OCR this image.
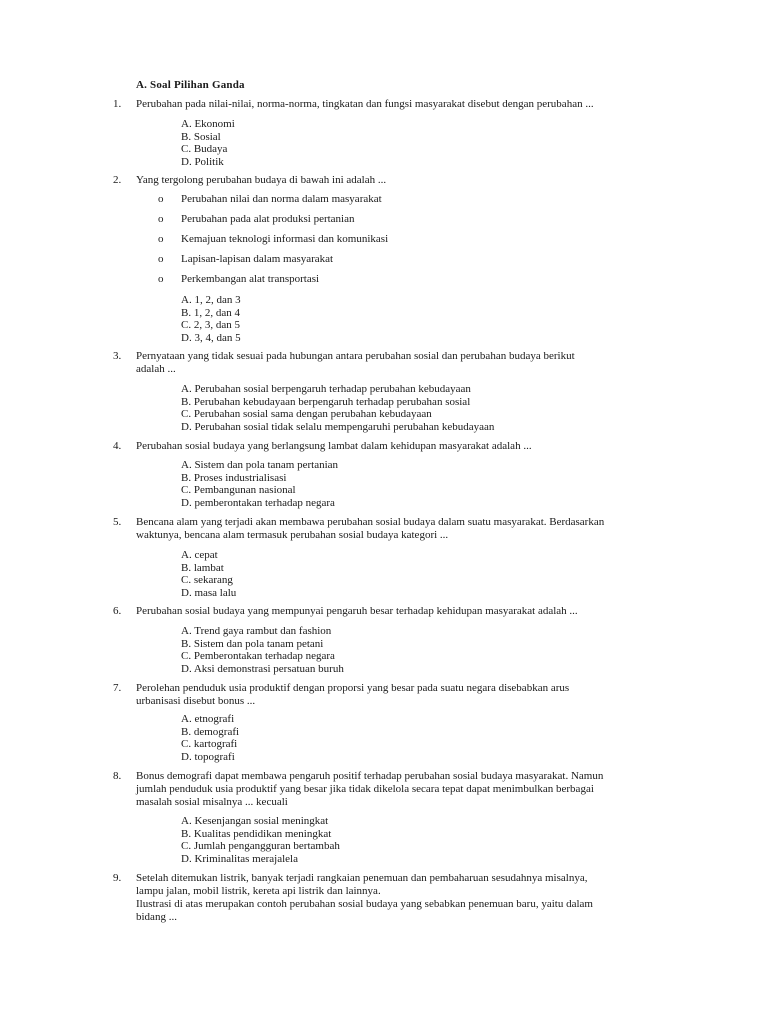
A. Soal Pilihan Ganda
1.	Perubahan pada nilai-nilai, norma-norma, tingkatan dan fungsi masyarakat disebut dengan perubahan ...
A. Ekonomi
B. Sosial
C. Budaya
D. Politik
2.	Yang tergolong perubahan budaya di bawah ini adalah ...
o Perubahan nilai dan norma dalam masyarakat
o Perubahan pada alat produksi pertanian
o Kemajuan teknologi informasi dan komunikasi
o Lapisan-lapisan dalam masyarakat
o Perkembangan alat transportasi
A. 1, 2, dan 3
B. 1, 2, dan 4
C. 2, 3, dan 5
D. 3, 4, dan 5
3.	Pernyataan yang tidak sesuai pada hubungan antara perubahan sosial dan perubahan budaya berikut
adalah ...
A. Perubahan sosial berpengaruh terhadap perubahan kebudayaan
B. Perubahan kebudayaan berpengaruh terhadap perubahan sosial
C. Perubahan sosial sama dengan perubahan kebudayaan
D. Perubahan sosial tidak selalu mempengaruhi perubahan kebudayaan
4.	Perubahan sosial budaya yang berlangsung lambat dalam kehidupan masyarakat adalah ...
A. Sistem dan pola tanam pertanian
B. Proses industrialisasi
C. Pembangunan nasional
D. pemberontakan terhadap negara
5.	Bencana alam yang terjadi akan membawa perubahan sosial budaya dalam suatu masyarakat. Berdasarkan
waktunya, bencana alam termasuk perubahan sosial budaya kategori ...
A. cepat
B. lambat
C. sekarang
D. masa lalu
6.	Perubahan sosial budaya yang mempunyai pengaruh besar terhadap kehidupan masyarakat adalah ...
A. Trend gaya rambut dan fashion
B. Sistem dan pola tanam petani
C. Pemberontakan terhadap negara
D. Aksi demonstrasi persatuan buruh
7.	Perolehan penduduk usia produktif dengan proporsi yang besar pada suatu negara disebabkan arus
urbanisasi disebut bonus ...
A. etnografi
B. demografi
C. kartografi
D. topografi
8.	Bonus demografi dapat membawa pengaruh positif terhadap perubahan sosial budaya masyarakat. Namun
jumlah penduduk usia produktif yang besar jika tidak dikelola secara tepat dapat menimbulkan berbagai
masalah sosial misalnya ... kecuali
A. Kesenjangan sosial meningkat
B. Kualitas pendidikan meningkat
C. Jumlah pengangguran bertambah
D. Kriminalitas merajalela
9.	Setelah ditemukan listrik, banyak terjadi rangkaian penemuan dan pembaharuan sesudahnya misalnya,
lampu jalan, mobil listrik, kereta api listrik dan lainnya.
Ilustrasi di atas merupakan contoh perubahan sosial budaya yang sebabkan penemuan baru, yaitu dalam
bidang ...
